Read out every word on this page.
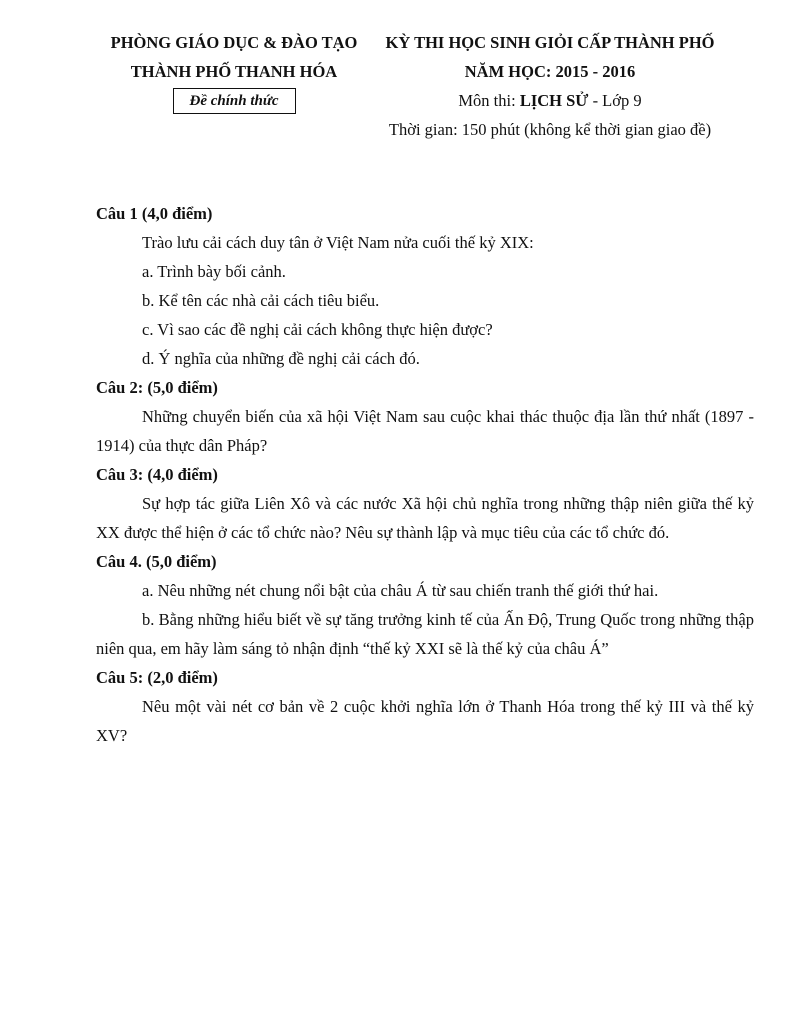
PHÒNG GIÁO DỤC & ĐÀO TẠO
THÀNH PHỐ THANH HÓA
Đề chính thức
KỲ THI HỌC SINH GIỎI CẤP THÀNH PHỐ
NĂM HỌC: 2015 - 2016
Môn thi: LỊCH SỬ - Lớp 9
Thời gian: 150 phút (không kể thời gian giao đề)
Câu 1 (4,0 điểm)
Trào lưu cải cách duy tân ở Việt Nam nửa cuối thế kỷ XIX:
a. Trình bày bối cảnh.
b. Kể tên các nhà cải cách tiêu biểu.
c. Vì sao các đề nghị cải cách không thực hiện được?
d. Ý nghĩa của những đề nghị cải cách đó.
Câu 2: (5,0 điểm)
Những chuyển biến của xã hội Việt Nam sau cuộc khai thác thuộc địa lần thứ nhất (1897 - 1914) của thực dân Pháp?
Câu 3: (4,0 điểm)
Sự hợp tác giữa Liên Xô và các nước Xã hội chủ nghĩa trong những thập niên giữa thế kỷ XX được thể hiện ở các tổ chức nào? Nêu sự thành lập và mục tiêu của các tổ chức đó.
Câu 4. (5,0 điểm)
a. Nêu những nét chung nổi bật của châu Á từ sau chiến tranh thế giới thứ hai.
b. Bằng những hiểu biết về sự tăng trưởng kinh tế của Ấn Độ, Trung Quốc trong những thập niên qua, em hãy làm sáng tỏ nhận định “thế kỷ XXI sẽ là thế kỷ của châu Á”
Câu 5: (2,0 điểm)
Nêu một vài nét cơ bản về 2 cuộc khởi nghĩa lớn ở Thanh Hóa trong thế kỷ III và thế kỷ XV?
